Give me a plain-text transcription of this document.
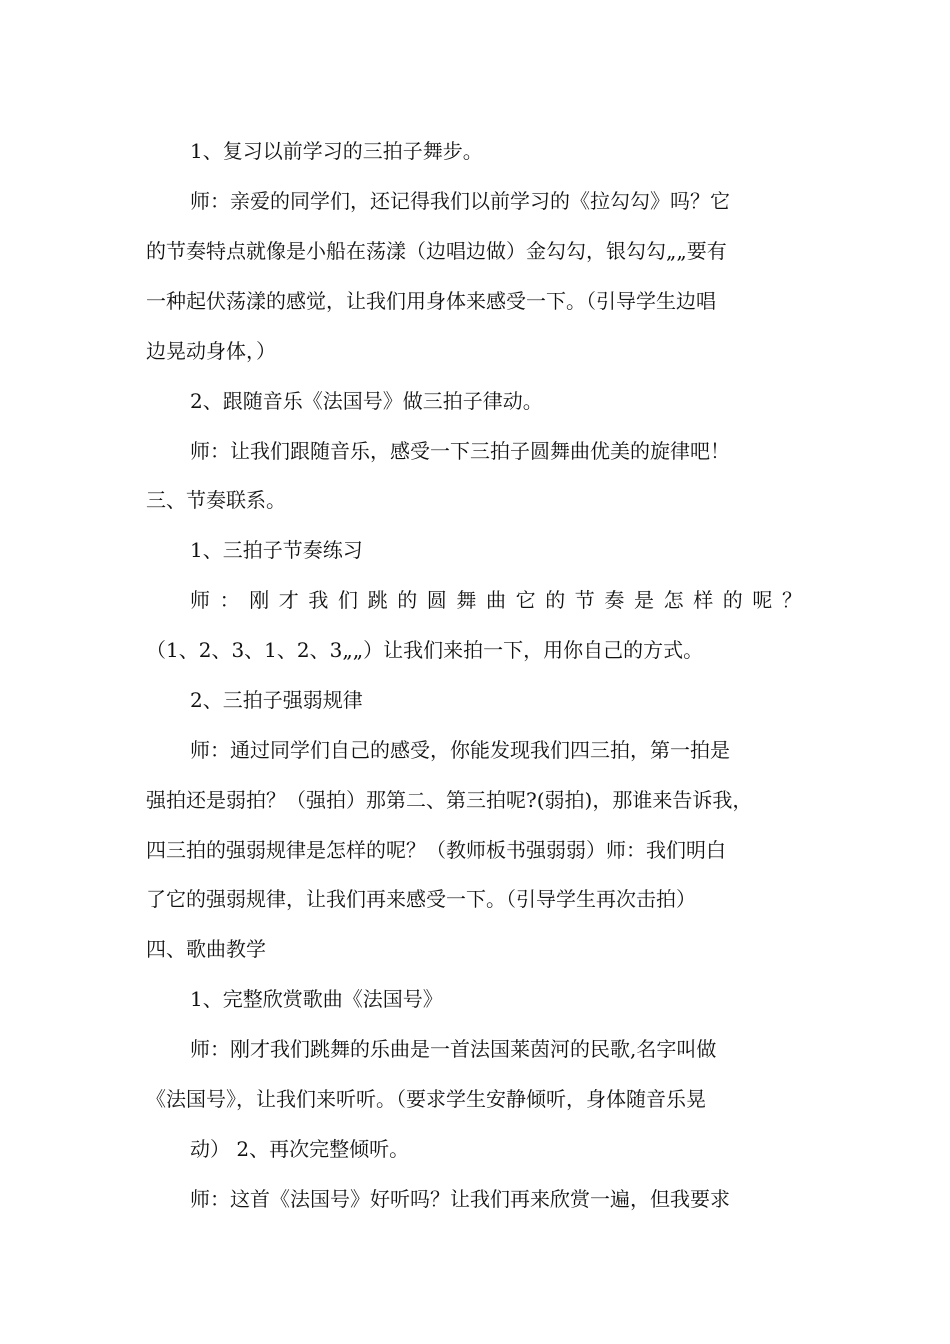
1、复习以前学习的三拍子舞步。
师：亲爱的同学们，还记得我们以前学习的《拉勾勾》吗？它
的节奏特点就像是小船在荡漾（边唱边做）金勾勾，银勾勾„„要有
一种起伏荡漾的感觉，让我们用身体来感受一下。（引导学生边唱
边晃动身体，）
2、跟随音乐《法国号》做三拍子律动。
师：让我们跟随音乐，感受一下三拍子圆舞曲优美的旋律吧！
三、节奏联系。
1、三拍子节奏练习
师：刚才我们跳的圆舞曲它的节奏是怎样的呢？
（1、2、3、1、2、3„„）让我们来拍一下，用你自己的方式。
2、三拍子强弱规律
师：通过同学们自己的感受，你能发现我们四三拍，第一拍是
强拍还是弱拍？（强拍）那第二、第三拍呢?(弱拍)，那谁来告诉我，
四三拍的强弱规律是怎样的呢？（教师板书强弱弱）师：我们明白
了它的强弱规律，让我们再来感受一下。（引导学生再次击拍）
四、歌曲教学
1、完整欣赏歌曲《法国号》
师：刚才我们跳舞的乐曲是一首法国莱茵河的民歌,名字叫做
《法国号》，让我们来听听。（要求学生安静倾听，身体随音乐晃
动） 2、再次完整倾听。
师：这首《法国号》好听吗？让我们再来欣赏一遍，但我要求
